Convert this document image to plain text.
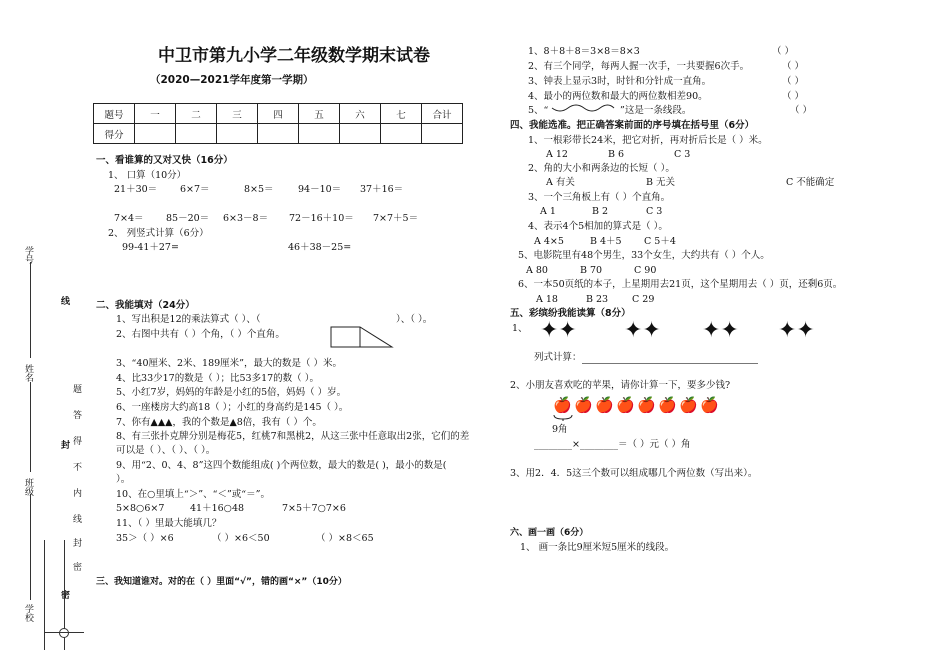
学号
姓名
班级
学校
线
题
答
封 得
不
内
线
封
密
密
中卫市第九小学二年级数学期末试卷
（2020—2021学年度第一学期）
题号	一	二	三	四	五	六	七	合计
得分								
一、看谁算的又对又快（16分）
1、 口算（10分）
21＋30＝ 6×7＝	8×5＝	94－10＝ 37＋16＝
7×4＝ 85－20＝ 6×3－8＝ 72－16＋10＝ 7×7＋5＝
2、 列竖式计算（6分）
99-41＋27=	46＋38－25=
二、我能填对（24分）
1、写出积是12的乘法算式（ ）、（	）、（ ）。
2、右图中共有（ ）个角，（ ）个直角。
3、“40厘米、2米、189厘米”，最大的数是（ ）米。
4、比33少17的数是（ ）；比53多17的数（ ）。
5、小红7岁，妈妈的年龄是小红的5倍，妈妈（ ）岁。
6、一座楼房大约高18（ ）；小红的身高约是145（ ）。
7、你有▲▲▲，我的个数是▲8倍，我有（ ）个。
8、有三张扑克牌分别是梅花5，红桃7和黑桃2，从这三张中任意取出2张，它们的差
可以是（ ）、（ ）、（ ）。
9、用“2、0、4、8”这四个数能组成( )个两位数，最大的数是( )，最小的数是(
）。
10、在○里填上“＞”、“＜”或“＝”。
5×8○6×7	41＋16○48	7×5＋7○7×6
11、（ ）里最大能填几？
35＞（ ）×6	（ ）×6＜50	（ ）×8＜65
三、我知道谁对。对的在（ ）里面“√”，错的画“×”（10分）
1、8＋8＋8＝3×8＝8×3	（ ）
2、有三个同学，每两人握一次手，一共要握6次手。	（ ）
3、钟表上显示3时，时针和分针成一直角。	（ ）
4、最小的两位数和最大的两位数相差90。	（ ）
5、“	”这是一条线段。	（ ）
四、我能选准。把正确答案前面的序号填在括号里（6分）
1、一根彩带长24米，把它对折，再对折后长是（ ）米。
A 12	B 6	C 3
2、角的大小和两条边的长短（ ）。
A 有关	B 无关	C 不能确定
3、一个三角板上有（ ）个直角。
A 1	B 2	C 3
4、表示4个5相加的算式是（ ）。
A 4×5	B 4＋5 C 5＋4
5、电影院里有48个男生，33个女生，大约共有（ ）个人。
A 80	B 70	C 90
6、一本50页纸的本子，上星期用去21页，这个星期用去（ ）页，还剩6页。
A 18	B 23	C 29
五、彩缤纷我能读算（8分）
1、 ✦✦ ✦✦ ✦✦ ✦✦
列式计算：
2、小朋友喜欢吃的苹果，请你计算一下，要多少钱?
🍎 🍎 🍎 🍎 🍎 🍎 🍎 🍎
9角
________×________＝（ ）元（ ）角
3、用2．4．5这三个数可以组成哪几个两位数（写出来）。
六、画一画（6分）
1、 画一条比9厘米短5厘米的线段。
